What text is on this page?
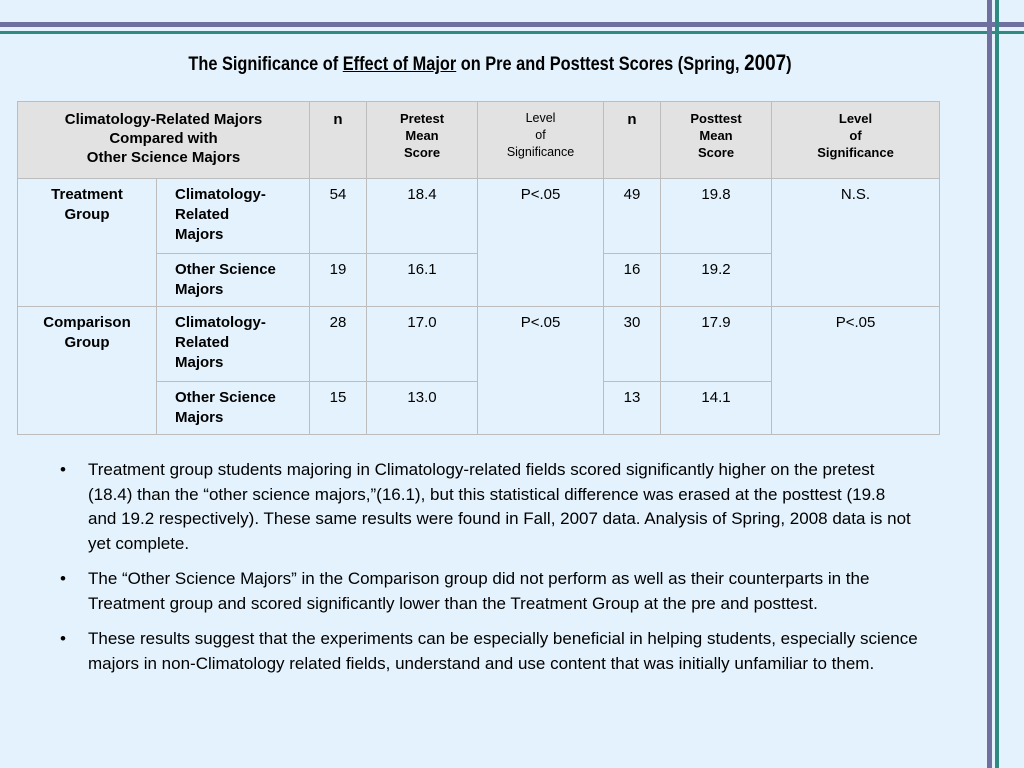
The Significance of Effect of Major on Pre and Posttest Scores (Spring, 2007)
Climatology-Related Majors
Compared with
Other Science Majors		n	Pretest
Mean
Score	Level
of
Significance	n	Posttest
Mean
Score	Level
of
Significance
Treatment
Group	Climatology-
Related
Majors	54	18.4	P<.05	49	19.8	N.S.
	Other Science
Majors	19	16.1		16	19.2	
Comparison
Group	Climatology-
Related
Majors	28	17.0	P<.05	30	17.9	P<.05
	Other Science
Majors	15	13.0		13	14.1	
• Treatment group students majoring in Climatology-related fields scored significantly higher on the pretest (18.4) than the “other science majors,”(16.1), but this statistical difference was erased at the posttest (19.8 and 19.2 respectively). These same results were found in Fall, 2007 data. Analysis of Spring, 2008 data is not yet complete.
• The “Other Science Majors” in the Comparison group did not perform as well as their counterparts in the Treatment group and scored significantly lower than the Treatment Group at the pre and posttest.
• These results suggest that the experiments can be especially beneficial in helping students, especially science majors in non-Climatology related fields, understand and use content that was initially unfamiliar to them.
